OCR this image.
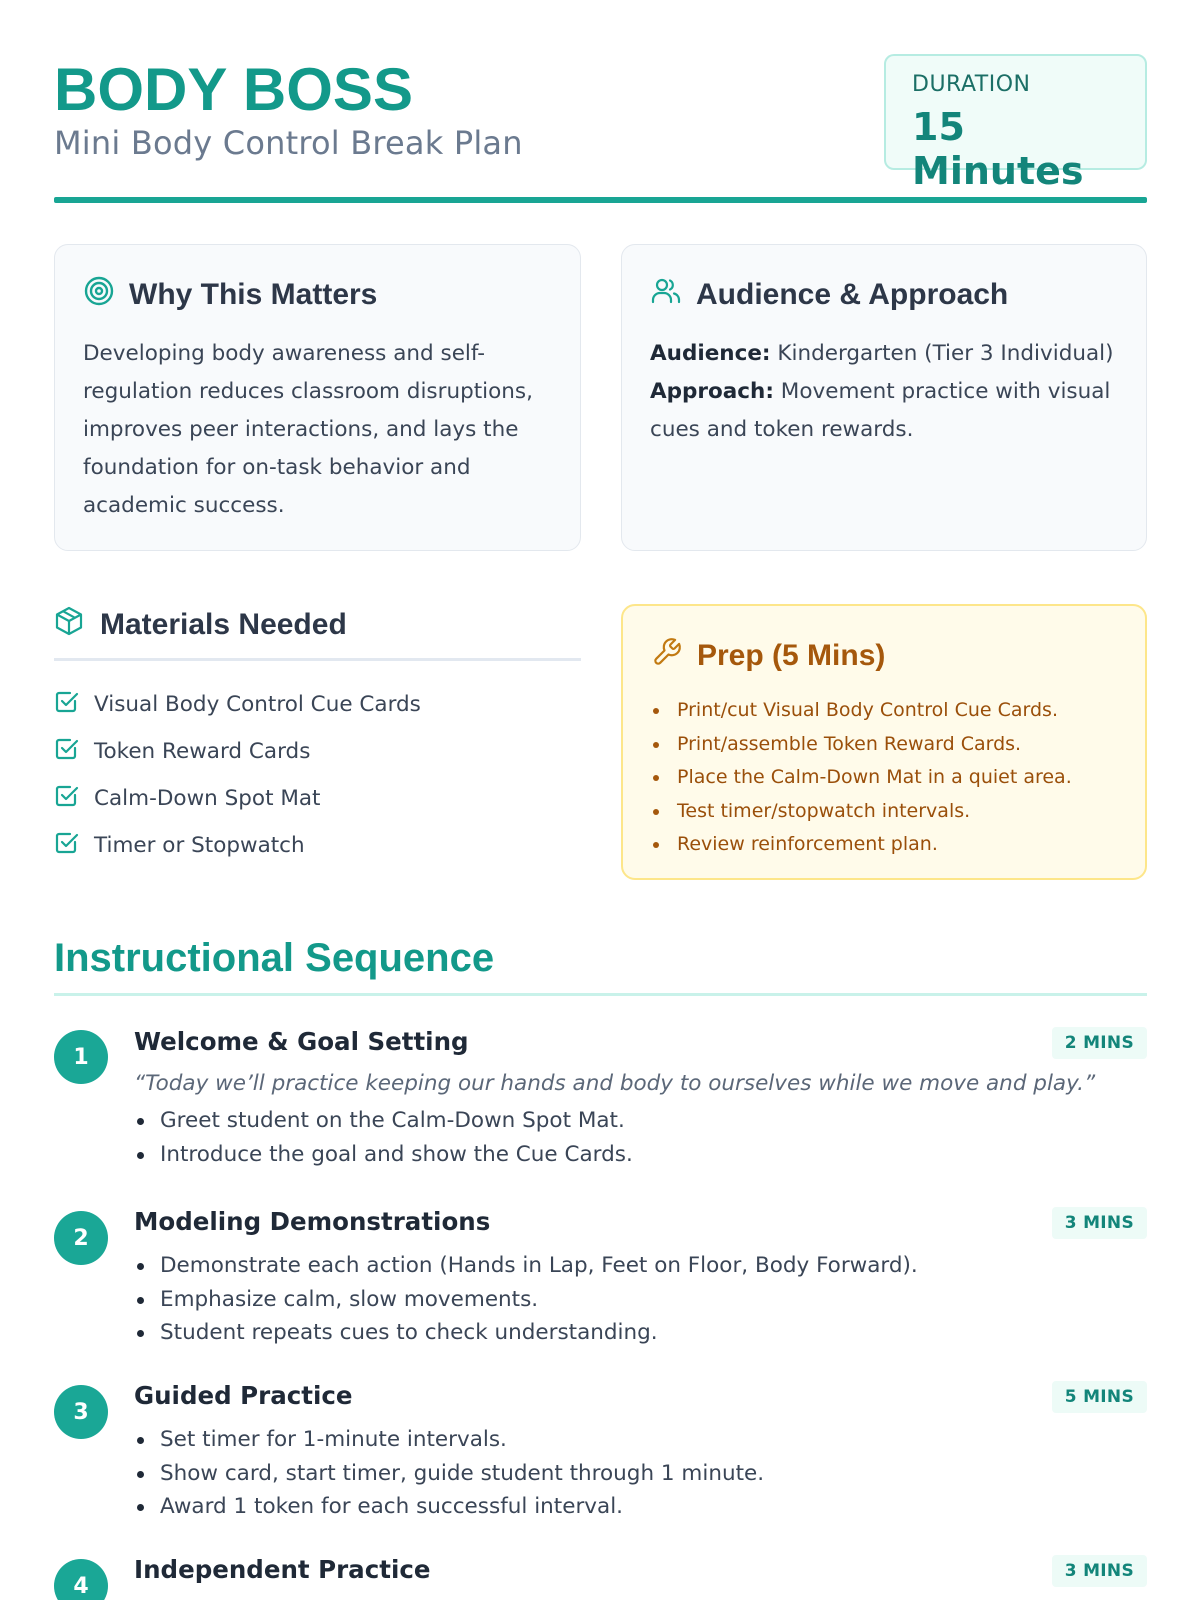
BODY BOSS
Mini Body Control Break Plan
DURATION
15 Minutes
Why This Matters
Developing body awareness and self-regulation reduces classroom disruptions, improves peer interactions, and lays the foundation for on-task behavior and academic success.
Audience & Approach
Audience: Kindergarten (Tier 3 Individual)
Approach: Movement practice with visual cues and token rewards.
Materials Needed
Visual Body Control Cue Cards
Token Reward Cards
Calm-Down Spot Mat
Timer or Stopwatch
Prep (5 Mins)
Print/cut Visual Body Control Cue Cards.
Print/assemble Token Reward Cards.
Place the Calm-Down Mat in a quiet area.
Test timer/stopwatch intervals.
Review reinforcement plan.
Instructional Sequence
1
Welcome & Goal Setting
“Today we’ll practice keeping our hands and body to ourselves while we move and play.”
Greet student on the Calm-Down Spot Mat.
Introduce the goal and show the Cue Cards.
2 MINS
2
Modeling Demonstrations
Demonstrate each action (Hands in Lap, Feet on Floor, Body Forward).
Emphasize calm, slow movements.
Student repeats cues to check understanding.
3 MINS
3
Guided Practice
Set timer for 1-minute intervals.
Show card, start timer, guide student through 1 minute.
Award 1 token for each successful interval.
5 MINS
4
Independent Practice	3 MINS
